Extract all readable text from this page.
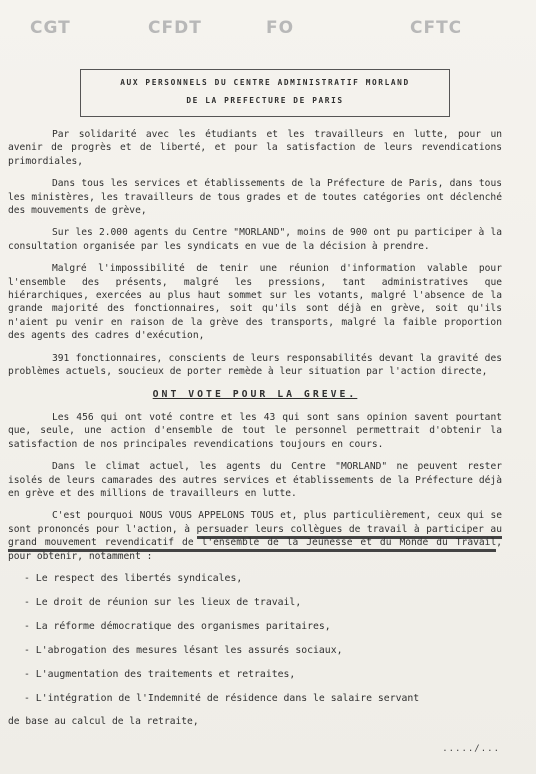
CGT	CFDT	FO	CFTC
AUX PERSONNELS DU CENTRE ADMINISTRATIF MORLAND
DE LA PREFECTURE DE PARIS

Par solidarité avec les étudiants et les travailleurs en lutte, pour un avenir de progrès et de liberté, et pour la satisfaction de leurs revendications primordiales,

Dans tous les services et établissements de la Préfecture de Paris, dans tous les ministères, les travailleurs de tous grades et de toutes catégories ont déclenché des mouvements de grève,

Sur les 2.000 agents du Centre "MORLAND", moins de 900 ont pu participer à la consultation organisée par les syndicats en vue de la décision à prendre.

Malgré l'impossibilité de tenir une réunion d'information valable pour l'ensemble des présents, malgré les pressions, tant administratives que hiérarchiques, exercées au plus haut sommet sur les votants, malgré l'absence de la grande majorité des fonctionnaires, soit qu'ils sont déjà en grève, soit qu'ils n'aient pu venir en raison de la grève des transports, malgré la faible proportion des agents des cadres d'exécution,

391 fonctionnaires, conscients de leurs responsabilités devant la gravité des problèmes actuels, soucieux de porter remède à leur situation par l'action directe,

ONT VOTE POUR LA GREVE.

Les 456 qui ont voté contre et les 43 qui sont sans opinion savent pourtant que, seule, une action d'ensemble de tout le personnel permettrait d'obtenir la satisfaction de nos principales revendications toujours en cours.

Dans le climat actuel, les agents du Centre "MORLAND" ne peuvent rester isolés de leurs camarades des autres services et établissements de la Préfecture déjà en grève et des millions de travailleurs en lutte.

C'est pourquoi NOUS VOUS APPELONS TOUS et, plus particulièrement, ceux qui se sont prononcés pour l'action, à persuader leurs collègues de travail à participer au grand mouvement revendicatif de l'ensemble de la Jeunesse et du Monde du Travail, pour obtenir, notamment :

- Le respect des libertés syndicales,
- Le droit de réunion sur les lieux de travail,
- La réforme démocratique des organismes paritaires,
- L'abrogation des mesures lésant les assurés sociaux,
- L'augmentation des traitements et retraites,
- L'intégration de l'Indemnité de résidence dans le salaire servant
de base au calcul de la retraite,
...../...
